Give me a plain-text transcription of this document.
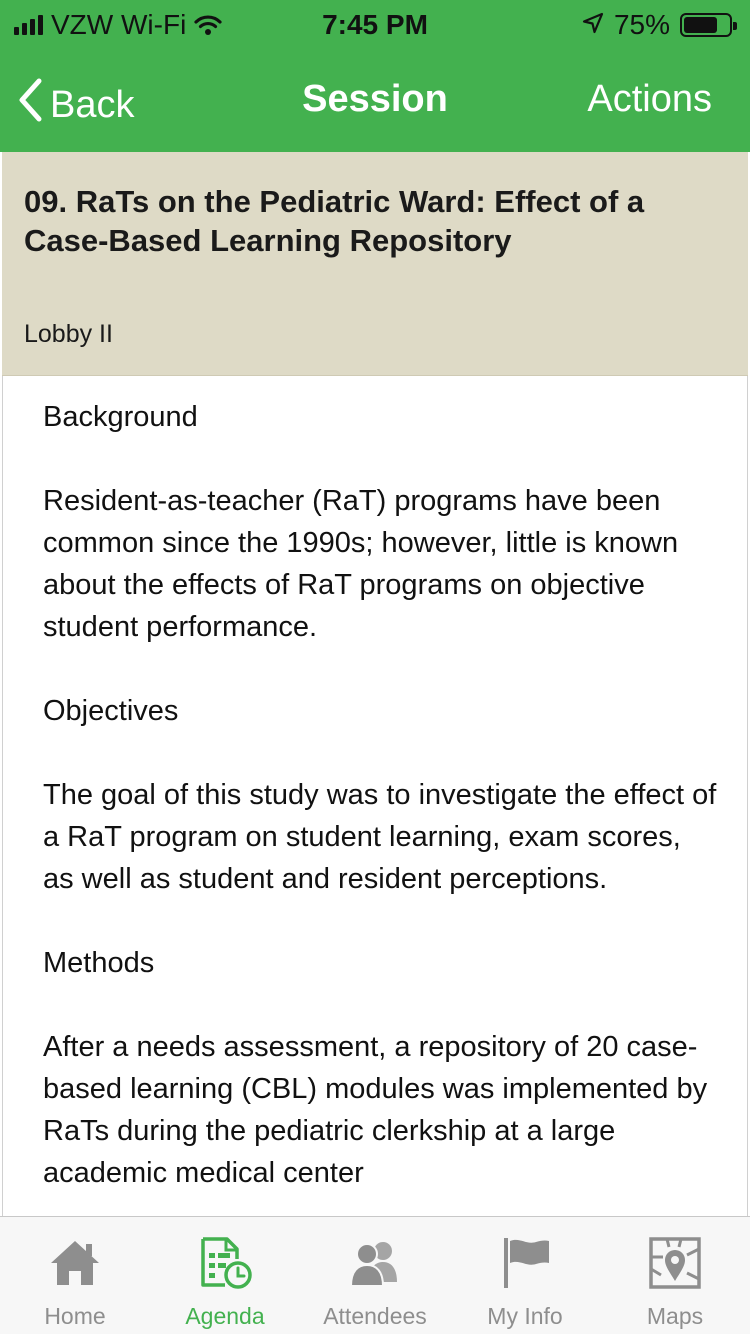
VZW Wi-Fi	7:45 PM	75%
Back	Session	Actions
09. RaTs on the Pediatric Ward: Effect of a Case-Based Learning Repository
Lobby II

Background

Resident-as-teacher (RaT) programs have been common since the 1990s; however, little is known about the effects of RaT programs on objective student performance.

Objectives

The goal of this study was to investigate the effect of a RaT program on student learning, exam scores, as well as student and resident perceptions.

Methods

After a needs assessment, a repository of 20 case-based learning (CBL) modules was implemented by RaTs during the pediatric clerkship at a large academic medical center

Home	Agenda	Attendees	My Info	Maps
